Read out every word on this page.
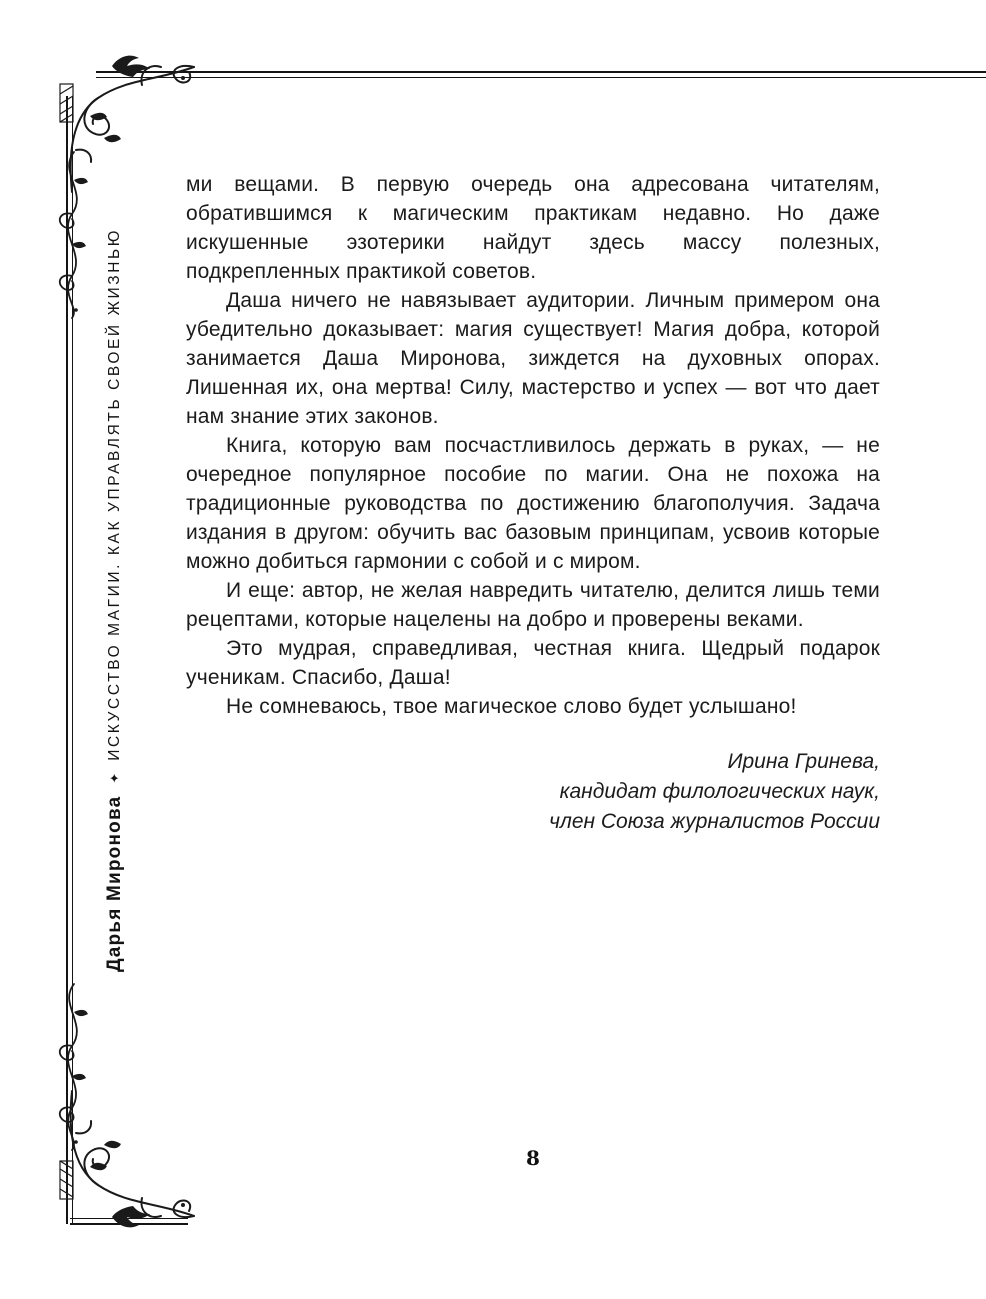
Дарья Миронова
✦
ИСКУССТВО МАГИИ. КАК УПРАВЛЯТЬ СВОЕЙ ЖИЗНЬЮ

ми вещами. В первую очередь она адресована читателям, обратившимся к магическим практикам недавно. Но даже искушенные эзотерики найдут здесь массу полезных, подкрепленных практикой советов.

Даша ничего не навязывает аудитории. Личным примером она убедительно доказывает: магия существует! Магия добра, которой занимается Даша Миронова, зиждется на духовных опорах. Лишенная их, она мертва! Силу, мастерство и успех — вот что дает нам знание этих законов.

Книга, которую вам посчастливилось держать в руках, — не очередное популярное пособие по магии. Она не похожа на традиционные руководства по достижению благополучия. Задача издания в другом: обучить вас базовым принципам, усвоив которые можно добиться гармонии с собой и с миром.

И еще: автор, не желая навредить читателю, делится лишь теми рецептами, которые нацелены на добро и проверены веками.

Это мудрая, справедливая, честная книга. Щедрый подарок ученикам. Спасибо, Даша!

Не сомневаюсь, твое магическое слово будет услышано!

Ирина Гринева,
кандидат филологических наук,
член Союза журналистов России
8
